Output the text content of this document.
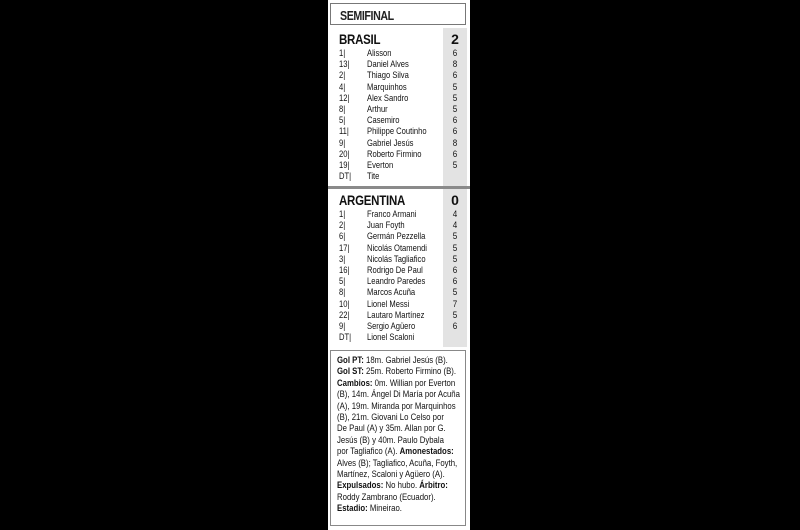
SEMIFINAL
BRASIL	2
1|	Alisson	6
13|	Daniel Alves	8
2|	Thiago Silva	6
4|	Marquinhos	5
12|	Alex Sandro	5
8|	Arthur	5
5|	Casemiro	6
11|	Philippe Coutinho	6
9|	Gabriel Jesús	8
20|	Roberto Firmino	6
19|	Everton	5
DT|	Tite
ARGENTINA	0
1|	Franco Armani	4
2|	Juan Foyth	4
6|	Germán Pezzella	5
17|	Nicolás Otamendi	5
3|	Nicolás Tagliafico	5
16|	Rodrigo De Paul	6
5|	Leandro Paredes	6
8|	Marcos Acuña	5
10|	Lionel Messi	7
22|	Lautaro Martínez	5
9|	Sergio Agüero	6
DT|	Lionel Scaloni

Gol PT: 18m. Gabriel Jesús (B).
Gol ST: 25m. Roberto Firmino (B).
Cambios: 0m. Willian por Everton
(B), 14m. Ángel Di María por Acuña
(A), 19m. Miranda por Marquinhos
(B), 21m. Giovani Lo Celso por
De Paul (A) y 35m. Allan por G.
Jesús (B) y 40m. Paulo Dybala
por Tagliafico (A). Amonestados:
Alves (B); Tagliafico, Acuña, Foyth,
Martínez, Scaloni y Agüero (A).
Expulsados: No hubo. Árbitro:
Roddy Zambrano (Ecuador).
Estadio: Mineirao.
